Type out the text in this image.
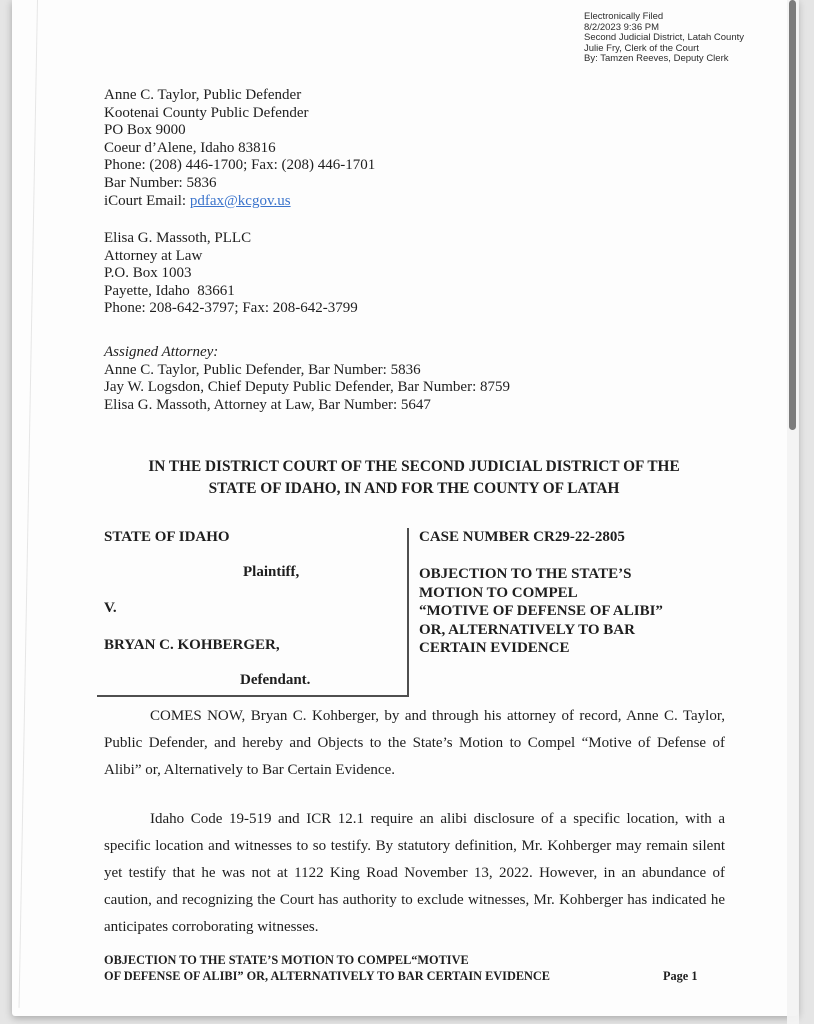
Electronically Filed
8/2/2023 9:36 PM
Second Judicial District, Latah County
Julie Fry, Clerk of the Court
By: Tamzen Reeves, Deputy Clerk
Anne C. Taylor, Public Defender
Kootenai County Public Defender
PO Box 9000
Coeur d’Alene, Idaho 83816
Phone: (208) 446-1700; Fax: (208) 446-1701
Bar Number: 5836
iCourt Email: pdfax@kcgov.us
Elisa G. Massoth, PLLC
Attorney at Law
P.O. Box 1003
Payette, Idaho  83661
Phone: 208-642-3797; Fax: 208-642-3799
Assigned Attorney:
Anne C. Taylor, Public Defender, Bar Number: 5836
Jay W. Logsdon, Chief Deputy Public Defender, Bar Number: 8759
Elisa G. Massoth, Attorney at Law, Bar Number: 5647
IN THE DISTRICT COURT OF THE SECOND JUDICIAL DISTRICT OF THE
STATE OF IDAHO, IN AND FOR THE COUNTY OF LATAH
STATE OF IDAHO
Plaintiff,
V.
BRYAN C. KOHBERGER,
Defendant.
CASE NUMBER CR29-22-2805
OBJECTION TO THE STATE’S
MOTION TO COMPEL
“MOTIVE OF DEFENSE OF ALIBI”
OR, ALTERNATIVELY TO BAR
CERTAIN EVIDENCE
COMES NOW, Bryan C. Kohberger, by and through his attorney of record, Anne C. Taylor, Public Defender, and hereby and Objects to the State’s Motion to Compel “Motive of Defense of Alibi” or, Alternatively to Bar Certain Evidence.
Idaho Code 19-519 and ICR 12.1 require an alibi disclosure of a specific location, with a specific location and witnesses to so testify. By statutory definition, Mr. Kohberger may remain silent yet testify that he was not at 1122 King Road November 13, 2022. However, in an abundance of caution, and recognizing the Court has authority to exclude witnesses, Mr. Kohberger has indicated he anticipates corroborating witnesses.
OBJECTION TO THE STATE’S MOTION TO COMPEL“MOTIVE
OF DEFENSE OF ALIBI” OR, ALTERNATIVELY TO BAR CERTAIN EVIDENCE	Page 1
